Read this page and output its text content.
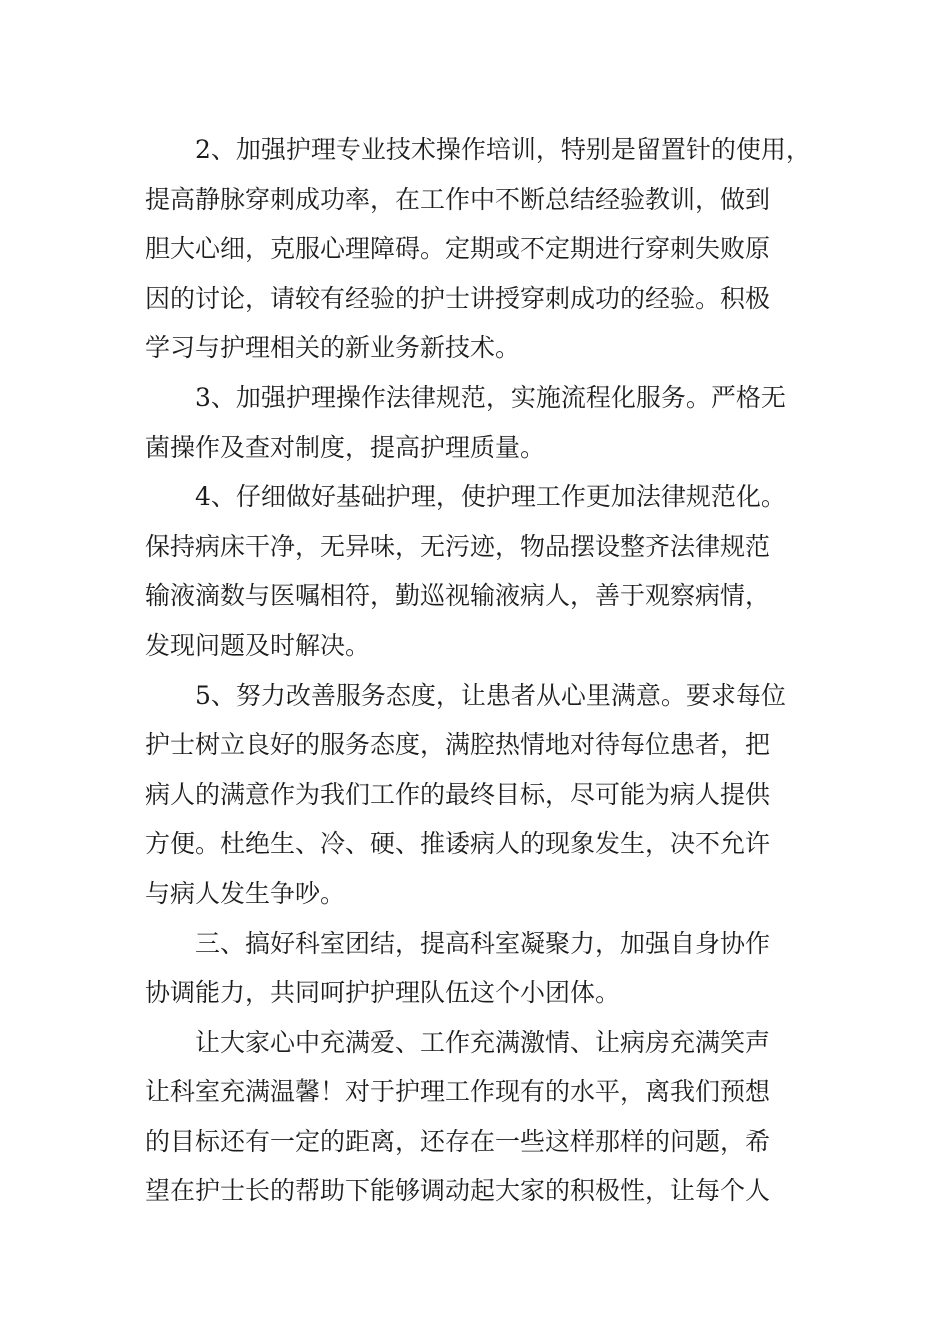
2、加强护理专业技术操作培训，特别是留置针的使用，
提高静脉穿刺成功率，在工作中不断总结经验教训，做到
胆大心细，克服心理障碍。定期或不定期进行穿刺失败原
因的讨论，请较有经验的护士讲授穿刺成功的经验。积极
学习与护理相关的新业务新技术。
3、加强护理操作法律规范，实施流程化服务。严格无
菌操作及查对制度，提高护理质量。
4、仔细做好基础护理，使护理工作更加法律规范化。
保持病床干净，无异味，无污迹，物品摆设整齐法律规范
输液滴数与医嘱相符，勤巡视输液病人，善于观察病情，
发现问题及时解决。
5、努力改善服务态度，让患者从心里满意。要求每位
护士树立良好的服务态度，满腔热情地对待每位患者，把
病人的满意作为我们工作的最终目标，尽可能为病人提供
方便。杜绝生、冷、硬、推诿病人的现象发生，决不允许
与病人发生争吵。
三、搞好科室团结，提高科室凝聚力，加强自身协作
协调能力，共同呵护护理队伍这个小团体。
让大家心中充满爱、工作充满激情、让病房充满笑声
让科室充满温馨！对于护理工作现有的水平，离我们预想
的目标还有一定的距离，还存在一些这样那样的问题，希
望在护士长的帮助下能够调动起大家的积极性，让每个人
